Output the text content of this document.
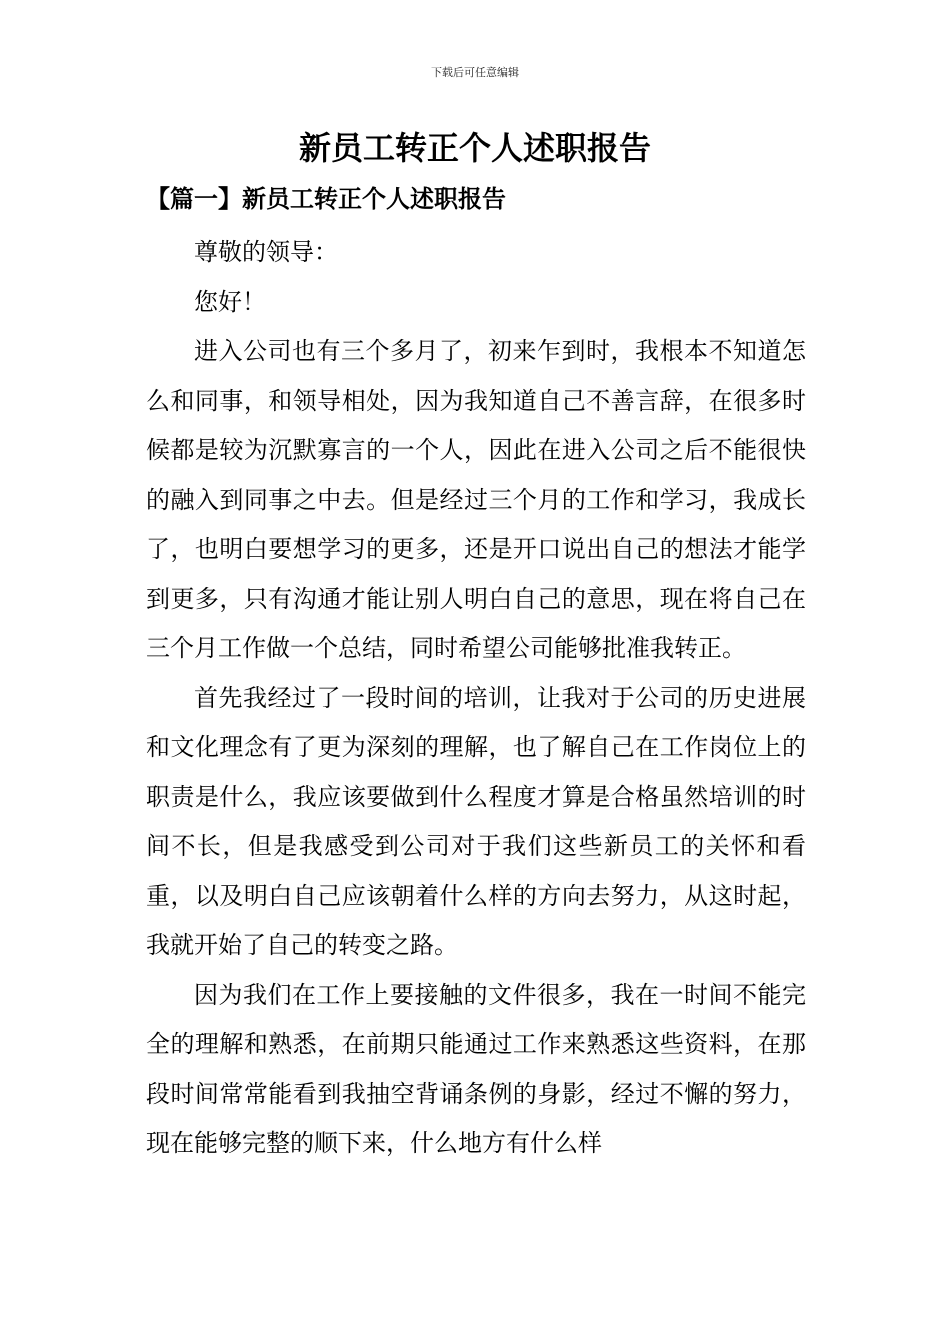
下载后可任意编辑
新员工转正个人述职报告
【篇一】新员工转正个人述职报告

尊敬的领导：

您好！

进入公司也有三个多月了，初来乍到时，我根本不知道怎么和同事，和领导相处，因为我知道自己不善言辞，在很多时候都是较为沉默寡言的一个人，因此在进入公司之后不能很快的融入到同事之中去。但是经过三个月的工作和学习，我成长了，也明白要想学习的更多，还是开口说出自己的想法才能学到更多，只有沟通才能让别人明白自己的意思，现在将自己在三个月工作做一个总结，同时希望公司能够批准我转正。

首先我经过了一段时间的培训，让我对于公司的历史进展和文化理念有了更为深刻的理解，也了解自己在工作岗位上的职责是什么，我应该要做到什么程度才算是合格虽然培训的时间不长，但是我感受到公司对于我们这些新员工的关怀和看重，以及明白自己应该朝着什么样的方向去努力，从这时起，我就开始了自己的转变之路。

因为我们在工作上要接触的文件很多，我在一时间不能完全的理解和熟悉，在前期只能通过工作来熟悉这些资料，在那段时间常常能看到我抽空背诵条例的身影，经过不懈的努力，现在能够完整的顺下来，什么地方有什么样
